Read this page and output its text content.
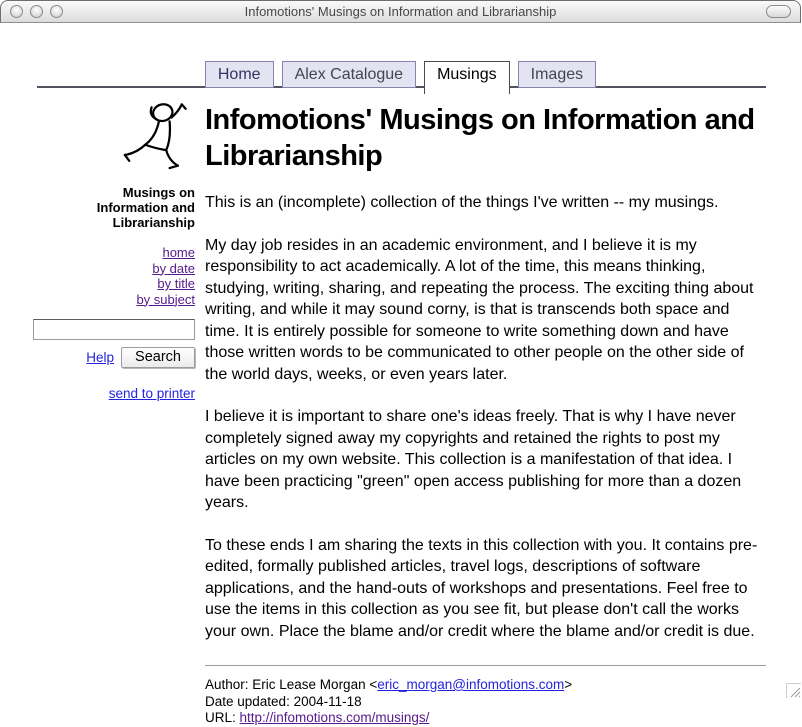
Infomotions' Musings on Information and Librarianship
Home	Alex Catalogue	Musings	Images
Musings on Information and Librarianship
home
by date
by title
by subject
Help	Search
send to printer
Infomotions' Musings on Information and Librarianship

This is an (incomplete) collection of the things I've written -- my musings.

My day job resides in an academic environment, and I believe it is my responsibility to act academically. A lot of the time, this means thinking, studying, writing, sharing, and repeating the process. The exciting thing about writing, and while it may sound corny, is that is transcends both space and time. It is entirely possible for someone to write something down and have those written words to be communicated to other people on the other side of the world days, weeks, or even years later.

I believe it is important to share one's ideas freely. That is why I have never completely signed away my copyrights and retained the rights to post my articles on my own website. This collection is a manifestation of that idea. I have been practicing "green" open access publishing for more than a dozen years.

To these ends I am sharing the texts in this collection with you. It contains pre-edited, formally published articles, travel logs, descriptions of software applications, and the hand-outs of workshops and presentations. Feel free to use the items in this collection as you see fit, but please don't call the works your own. Place the blame and/or credit where the blame and/or credit is due.

Author: Eric Lease Morgan <eric_morgan@infomotions.com>
Date updated: 2004-11-18
URL: http://infomotions.com/musings/
